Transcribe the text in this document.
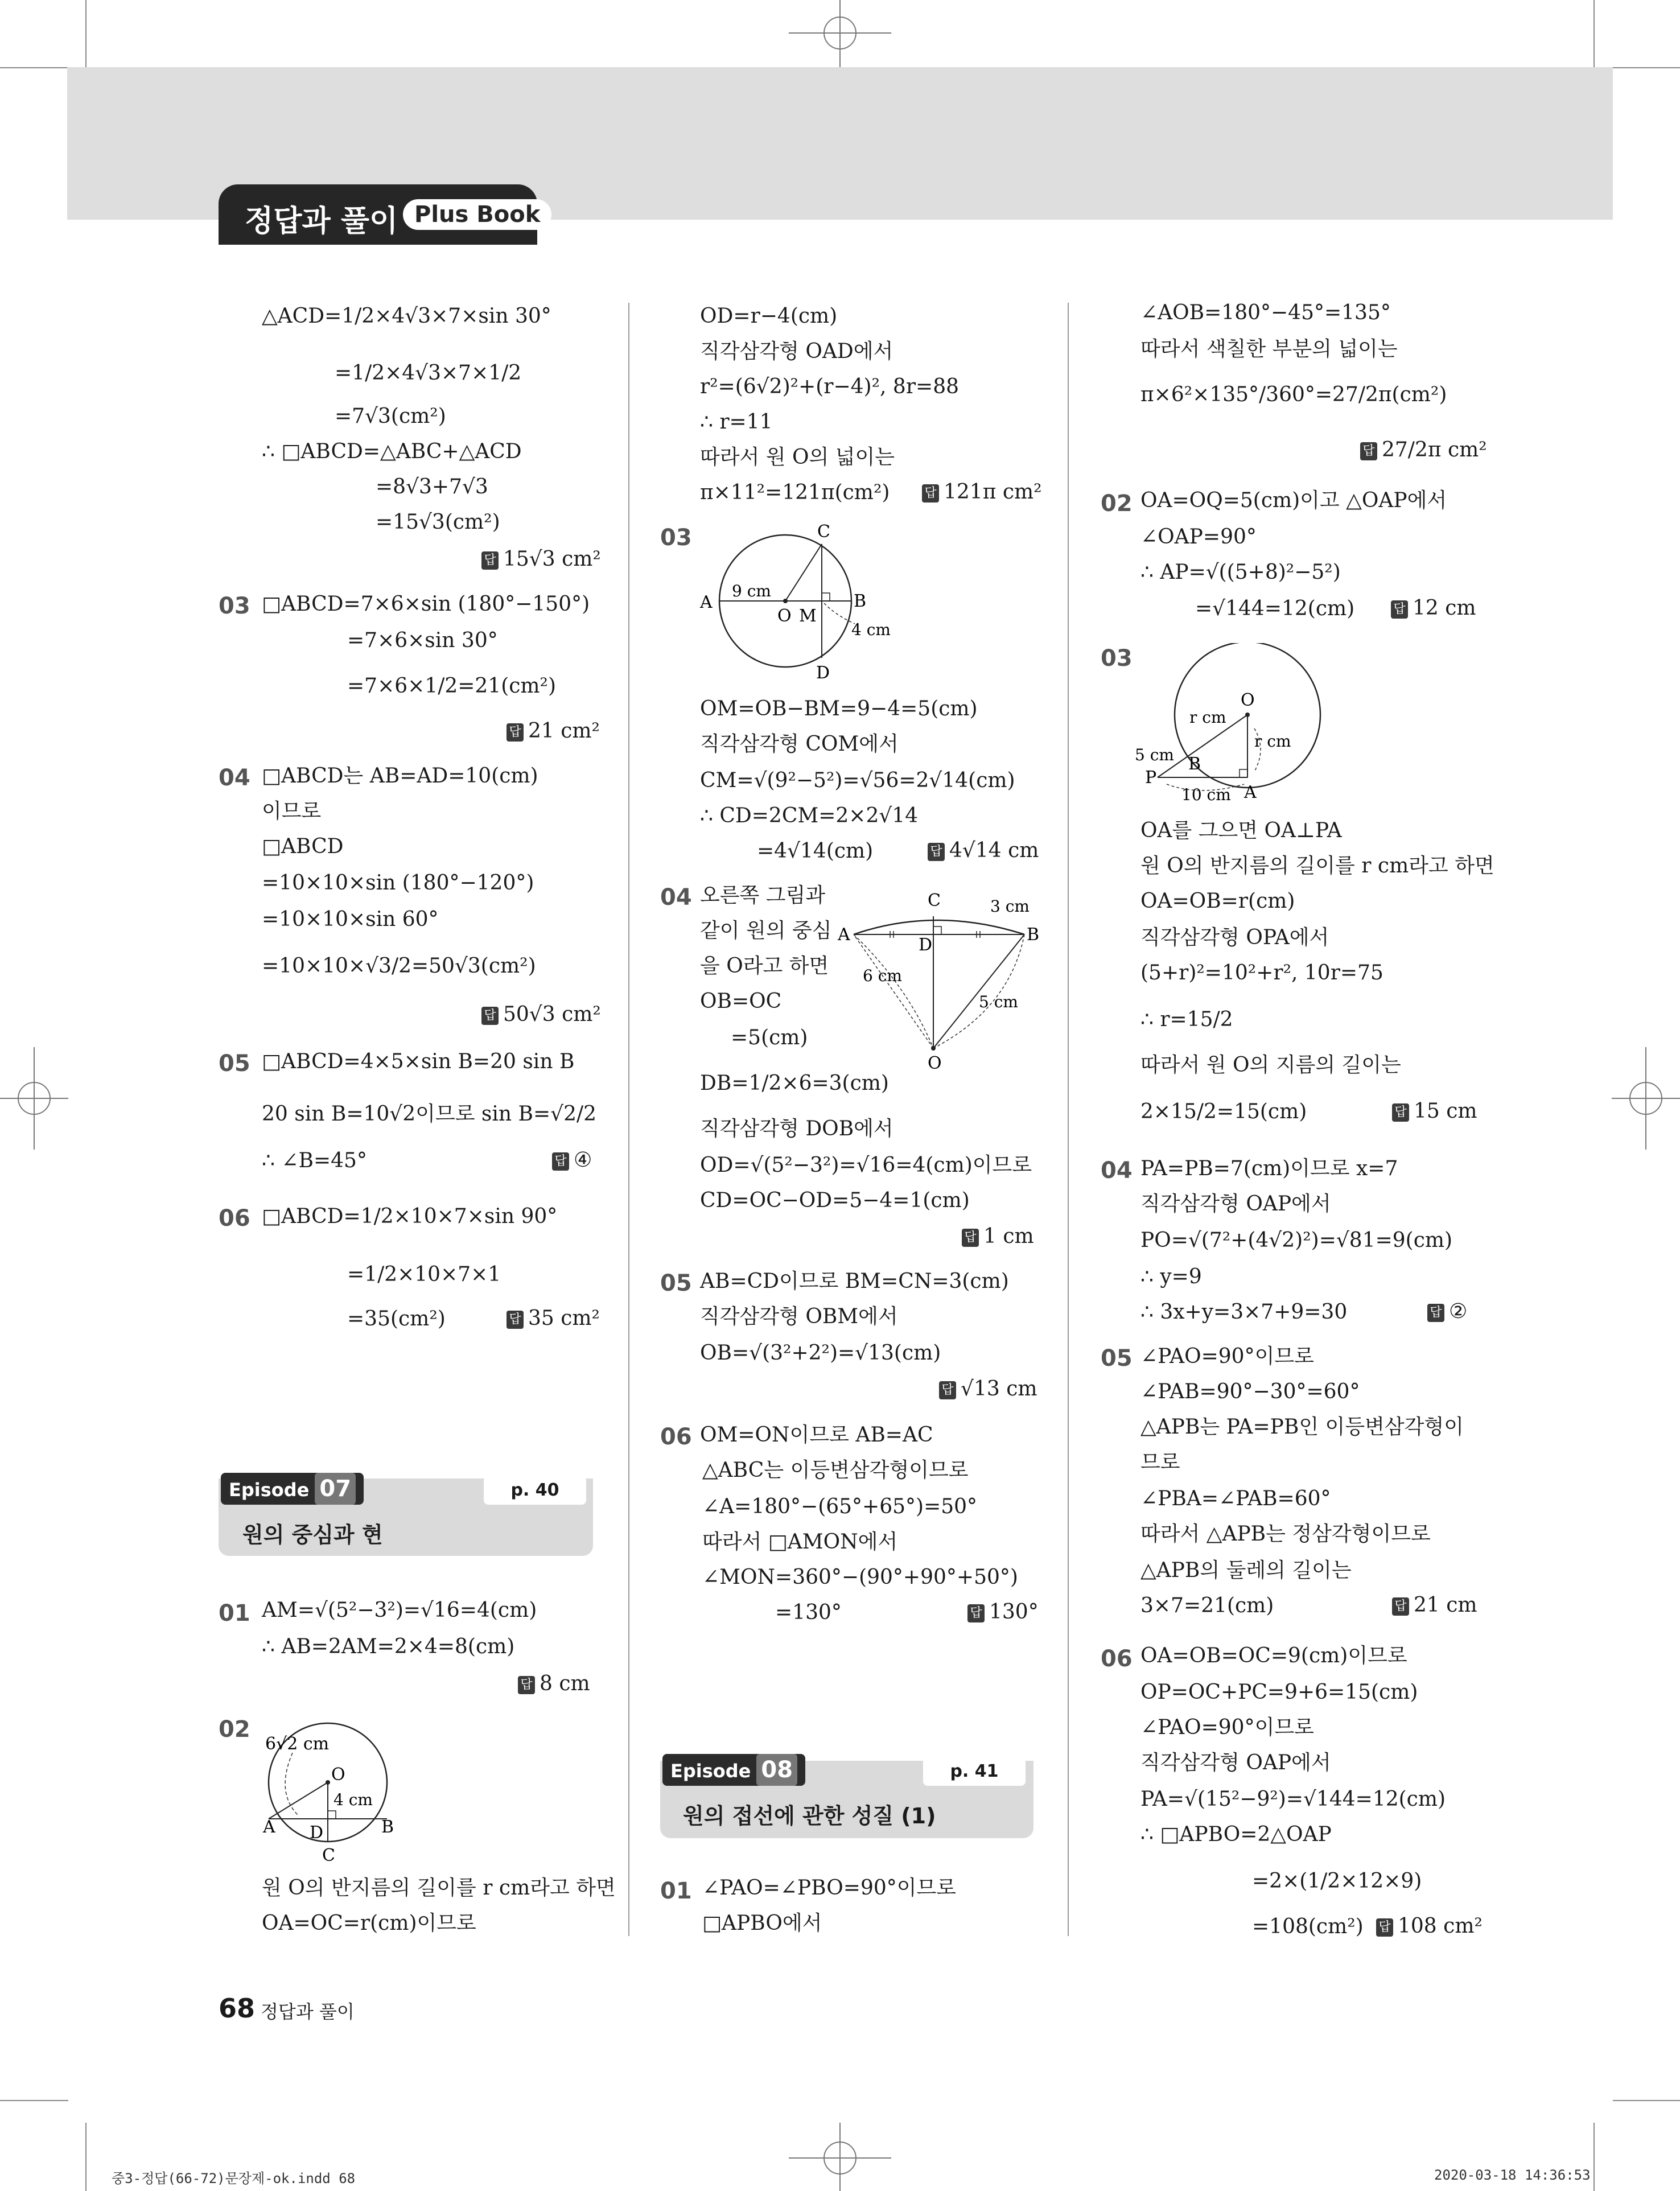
정답과 풀이 Plus Book
△ACD=1/2×4√3×7×sin 30°
=1/2×4√3×7×1/2
=7√3(cm²)
∴ □ABCD=△ABC+△ACD
=8√3+7√3
=15√3(cm²)
답 15√3 cm²
03 □ABCD=7×6×sin (180°−150°)
=7×6×sin 30°
=7×6×1/2=21(cm²)
답 21 cm²
04 □ABCD는 AB=AD=10(cm)
이므로
□ABCD
=10×10×sin (180°−120°)
=10×10×sin 60°
=10×10×√3/2=50√3(cm²)
답 50√3 cm²
05 □ABCD=4×5×sin B=20 sin B
20 sin B=10√2이므로 sin B=√2/2
∴ ∠B=45°	답 ④
06 □ABCD=1/2×10×7×sin 90°
=1/2×10×7×1
=35(cm²)	답 35 cm²
Episode 07	p. 40
원의 중심과 현
01 AM=√(5²−3²)=√16=4(cm)
∴ AB=2AM=2×4=8(cm)
답 8 cm
02
6√2 cm
O
4 cm
A D	B
C
원 O의 반지름의 길이를 r cm라고 하면
OA=OC=r(cm)이므로
OD=r−4(cm)
직각삼각형 OAD에서
r²=(6√2)²+(r−4)², 8r=88
∴ r=11
따라서 원 O의 넓이는
π×11²=121π(cm²)	답 121π cm²
03	C
A
9 cm
O M
B
4 cm
D
OM=OB−BM=9−4=5(cm)
직각삼각형 COM에서
CM=√(9²−5²)=√56=2√14(cm)
∴ CD=2CM=2×2√14
=4√14(cm)	답 4√14 cm
04 오른쪽 그림과
같이 원의 중심
을 O라고 하면
OB=OC
=5(cm)
C	3 cm
A
D
B
6 cm
5 cm
O
DB=1/2×6=3(cm)
직각삼각형 DOB에서
OD=√(5²−3²)=√16=4(cm)이므로
CD=OC−OD=5−4=1(cm)
답 1 cm
05 AB=CD이므로 BM=CN=3(cm)
직각삼각형 OBM에서
OB=√(3²+2²)=√13(cm)
답 √13 cm
06 OM=ON이므로 AB=AC
△ABC는 이등변삼각형이므로
∠A=180°−(65°+65°)=50°
따라서 □AMON에서
∠MON=360°−(90°+90°+50°)
=130°	답 130°
Episode 08	p. 41
원의 접선에 관한 성질 (1)
01 ∠PAO=∠PBO=90°이므로
□APBO에서
∠AOB=180°−45°=135°
따라서 색칠한 부분의 넓이는
π×6²×135°/360°=27/2π(cm²)
답 27/2π cm²
02 OA=OQ=5(cm)이고 △OAP에서
∠OAP=90°
∴ AP=√((5+8)²−5²)
=√144=12(cm)	답 12 cm
03
O
r cm
r cm
5 cm
P
B
10 cm A
OA를 그으면 OA⊥PA
원 O의 반지름의 길이를 r cm라고 하면
OA=OB=r(cm)
직각삼각형 OPA에서
(5+r)²=10²+r², 10r=75
∴ r=15/2
따라서 원 O의 지름의 길이는
2×15/2=15(cm)	답 15 cm
04 PA=PB=7(cm)이므로 x=7
직각삼각형 OAP에서
PO=√(7²+(4√2)²)=√81=9(cm)
∴ y=9
∴ 3x+y=3×7+9=30	답 ②
05 ∠PAO=90°이므로
∠PAB=90°−30°=60°
△APB는 PA=PB인 이등변삼각형이
므로
∠PBA=∠PAB=60°
따라서 △APB는 정삼각형이므로
△APB의 둘레의 길이는
3×7=21(cm)	답 21 cm
06 OA=OB=OC=9(cm)이므로
OP=OC+PC=9+6=15(cm)
∠PAO=90°이므로
직각삼각형 OAP에서
PA=√(15²−9²)=√144=12(cm)
∴ □APBO=2△OAP
=2×(1/2×12×9)
=108(cm²)	답 108 cm²
68 정답과 풀이
중3-정답(66-72)문장제-ok.indd 68	2020-03-18 14:36:53
